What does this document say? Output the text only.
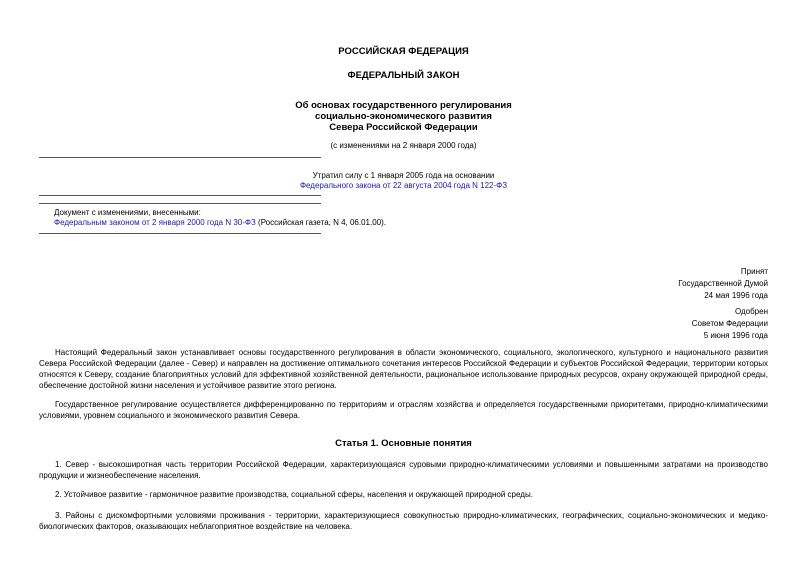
РОССИЙСКАЯ ФЕДЕРАЦИЯ
ФЕДЕРАЛЬНЫЙ ЗАКОН
Об основах государственного регулирования
социально-экономического развития
Севера Российской Федерации
(с изменениями на 2 января 2000 года)
Утратил силу с 1 января 2005 года на основании
Федерального закона от 22 августа 2004 года N 122-ФЗ
Документ с изменениями, внесенными:
Федеральным законом от 2 января 2000 года N 30-ФЗ (Российская газета, N 4, 06.01.00).
Принят
Государственной Думой
24 мая 1996 года
Одобрен
Советом Федерации
5 июня 1996 года

Настоящий Федеральный закон устанавливает основы государственного регулирования в области экономического, социального, экологического, культурного и национального развития Севера Российской Федерации (далее - Север) и направлен на достижение оптимального сочетания интересов Российской Федерации и субъектов Российской Федерации, территории которых относятся к Северу, создание благоприятных условий для эффективной хозяйственной деятельности, рациональное использование природных ресурсов, охрану окружающей природной среды, обеспечение достойной жизни населения и устойчивое развитие этого региона.

Государственное регулирование осуществляется дифференцированно по территориям и отраслям хозяйства и определяется государственными приоритетами, природно-климатическими условиями, уровнем социального и экономического развития Севера.

Статья 1. Основные понятия

1. Север - высокоширотная часть территории Российской Федерации, характеризующаяся суровыми природно-климатическими условиями и повышенными затратами на производство продукции и жизнеобеспечение населения.

2. Устойчивое развитие - гармоничное развитие производства, социальной сферы, населения и окружающей природной среды.

3. Районы с дискомфортными условиями проживания - территории, характеризующиеся совокупностью природно-климатических, географических, социально-экономических и медико-биологических факторов, оказывающих неблагоприятное воздействие на человека.
